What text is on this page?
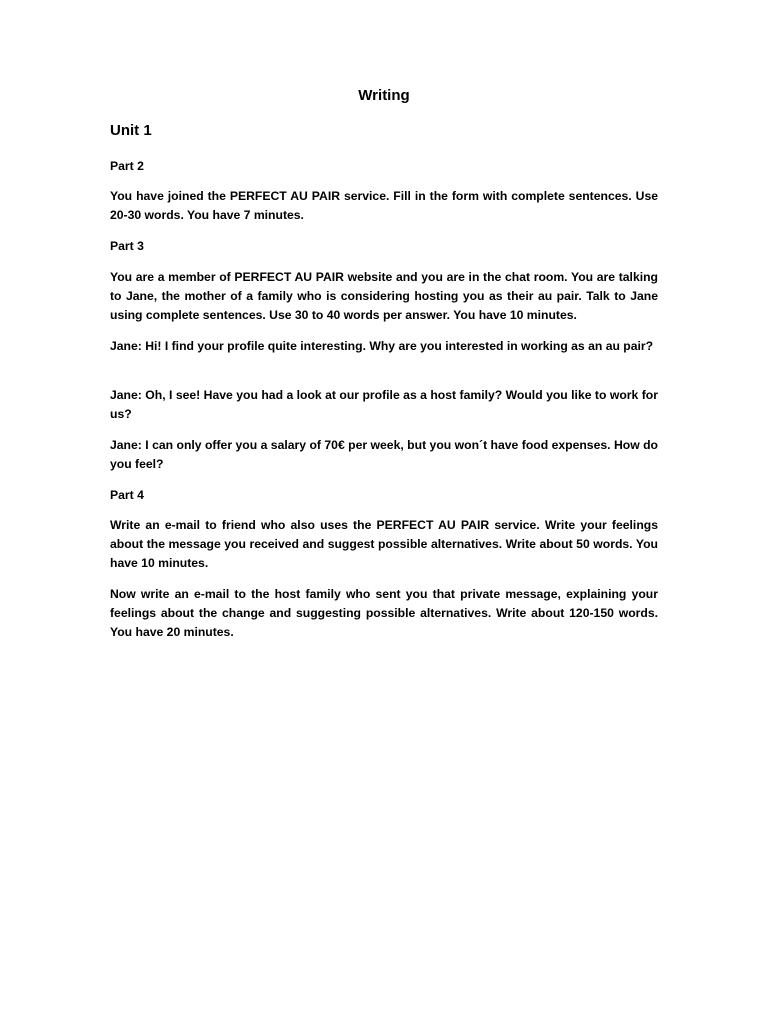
Writing
Unit 1

Part 2

You have joined the PERFECT AU PAIR service. Fill in the form with complete sentences. Use 20-30 words. You have 7 minutes.

Part 3

You are a member of PERFECT AU PAIR website and you are in the chat room. You are talking to Jane, the mother of a family who is considering hosting you as their au pair. Talk to Jane using complete sentences. Use 30 to 40 words per answer. You have 10 minutes.

Jane: Hi! I find your profile quite interesting. Why are you interested in working as an au pair?

Jane: Oh, I see! Have you had a look at our profile as a host family? Would you like to work for us?

Jane: I can only offer you a salary of 70€ per week, but you won´t have food expenses. How do you feel?

Part 4

Write an e-mail to friend who also uses the PERFECT AU PAIR service. Write your feelings about the message you received and suggest possible alternatives. Write about 50 words. You have 10 minutes.

Now write an e-mail to the host family who sent you that private message, explaining your feelings about the change and suggesting possible alternatives. Write about 120-150 words. You have 20 minutes.
